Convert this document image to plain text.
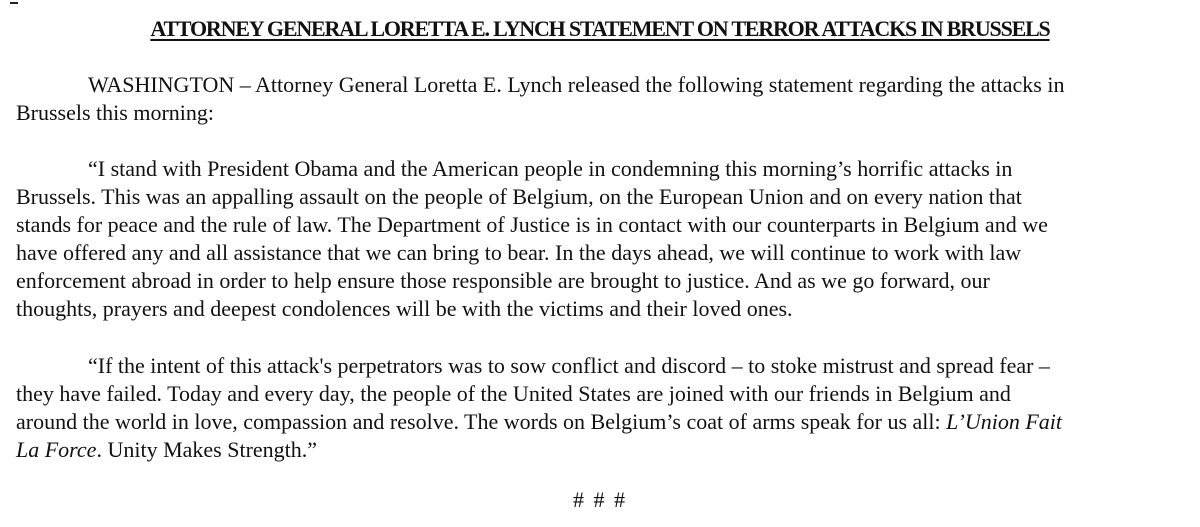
ATTORNEY GENERAL LORETTA E. LYNCH STATEMENT ON TERROR ATTACKS IN BRUSSELS
WASHINGTON – Attorney General Loretta E. Lynch released the following statement regarding the attacks in
Brussels this morning:
“I stand with President Obama and the American people in condemning this morning’s horrific attacks in
Brussels. This was an appalling assault on the people of Belgium, on the European Union and on every nation that
stands for peace and the rule of law. The Department of Justice is in contact with our counterparts in Belgium and we
have offered any and all assistance that we can bring to bear. In the days ahead, we will continue to work with law
enforcement abroad in order to help ensure those responsible are brought to justice. And as we go forward, our
thoughts, prayers and deepest condolences will be with the victims and their loved ones.
“If the intent of this attack's perpetrators was to sow conflict and discord – to stoke mistrust and spread fear –
they have failed. Today and every day, the people of the United States are joined with our friends in Belgium and
around the world in love, compassion and resolve. The words on Belgium’s coat of arms speak for us all: L’Union Fait
La Force. Unity Makes Strength.”
# # #
